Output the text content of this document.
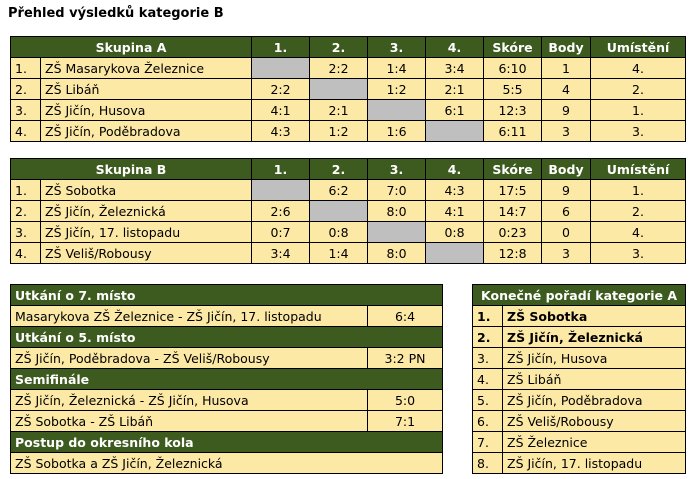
Přehled výsledků kategorie B
Skupina A		1.	2.	3.	4.	Skóre	Body	Umístění
1.	ZŠ Masarykova Železnice		2:2	1:4	3:4	6:10	1	4.
2.	ZŠ Libáň	2:2		1:2	2:1	5:5	4	2.
3.	ZŠ Jičín, Husova	4:1	2:1		6:1	12:3	9	1.
4.	ZŠ Jičín, Poděbradova	4:3	1:2	1:6		6:11	3	3.
Skupina B		1.	2.	3.	4.	Skóre	Body	Umístění
1.	ZŠ Sobotka		6:2	7:0	4:3	17:5	9	1.
2.	ZŠ Jičín, Železnická	2:6		8:0	4:1	14:7	6	2.
3.	ZŠ Jičín, 17. listopadu	0:7	0:8		0:8	0:23	0	4.
4.	ZŠ Veliš/Robousy	3:4	1:4	8:0		12:8	3	3.
Utkání o 7. místo	
Masarykova ZŠ Železnice - ZŠ Jičín, 17. listopadu	6:4
Utkání o 5. místo	
ZŠ Jičín, Poděbradova - ZŠ Veliš/Robousy	3:2 PN
Semifinále	
ZŠ Jičín, Železnická - ZŠ Jičín, Husova	5:0
ZŠ Sobotka - ZŠ Libáň	7:1
Postup do okresního kola	
ZŠ Sobotka a ZŠ Jičín, Železnická	
Konečné pořadí kategorie A	
1.	ZŠ Sobotka
2.	ZŠ Jičín, Železnická
3.	ZŠ Jičín, Husova
4.	ZŠ Libáň
5.	ZŠ Jičín, Poděbradova
6.	ZŠ Veliš/Robousy
7.	ZŠ Železnice
8.	ZŠ Jičín, 17. listopadu
